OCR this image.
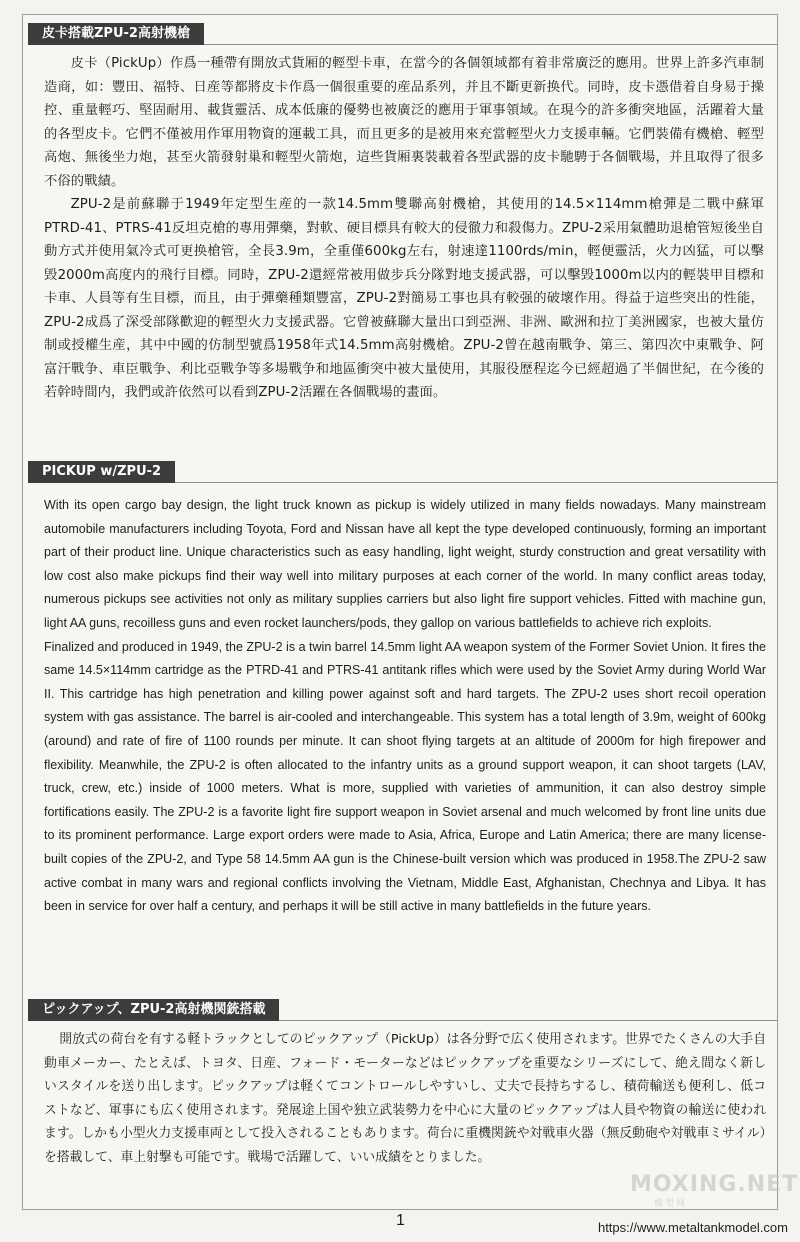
皮卡搭載ZPU-2高射機槍

皮卡（PickUp）作爲一種帶有開放式貨厢的輕型卡車，在當今的各個領域都有着非常廣泛的應用。世界上許多汽車制造商，如：豐田、福特、日産等都將皮卡作爲一個很重要的産品系列，并且不斷更新换代。同時，皮卡憑借着自身易于操控、重量輕巧、堅固耐用、載貨靈活、成本低廉的優勢也被廣泛的應用于軍事領域。在現今的許多衝突地區，活躍着大量的各型皮卡。它們不僅被用作軍用物資的運載工具，而且更多的是被用來充當輕型火力支援車輛。它們裝備有機槍、輕型高炮、無後坐力炮，甚至火箭發射巢和輕型火箭炮，這些貨厢裏裝載着各型武器的皮卡馳騁于各個戰場，并且取得了很多不俗的戰績。

ZPU-2是前蘇聯于1949年定型生産的一款14.5mm雙聯高射機槍，其使用的14.5×114mm槍彈是二戰中蘇軍PTRD-41、PTRS-41反坦克槍的專用彈藥，對軟、硬目標具有較大的侵徹力和殺傷力。ZPU-2采用氣體助退槍管短後坐自動方式并使用氣冷式可更换槍管，全長3.9m，全重僅600kg左右，射速達1100rds/min，輕便靈活，火力凶猛，可以擊毁2000m高度内的飛行目標。同時，ZPU-2還經常被用做步兵分隊對地支援武器，可以擊毁1000m以内的輕裝甲目標和卡車、人員等有生目標，而且，由于彈藥種類豐富，ZPU-2對簡易工事也具有較强的破壞作用。得益于這些突出的性能，ZPU-2成爲了深受部隊歡迎的輕型火力支援武器。它曾被蘇聯大量出口到亞洲、非洲、歐洲和拉丁美洲國家，也被大量仿制或授權生産，其中中國的仿制型號爲1958年式14.5mm高射機槍。ZPU-2曾在越南戰争、第三、第四次中東戰争、阿富汗戰争、車臣戰争、利比亞戰争等多場戰争和地區衝突中被大量使用，其服役歷程迄今已經超過了半個世紀，在今後的若幹時間内，我們或許依然可以看到ZPU-2活躍在各個戰場的畫面。

PICKUP w/ZPU-2

With its open cargo bay design, the light truck known as pickup is widely utilized in many fields nowadays. Many mainstream automobile manufacturers including Toyota, Ford and Nissan have all kept the type developed continuously, forming an important part of their product line. Unique characteristics such as easy handling, light weight, sturdy construction and great versatility with low cost also make pickups find their way well into military purposes at each corner of the world. In many conflict areas today, numerous pickups see activities not only as military supplies carriers but also light fire support vehicles. Fitted with machine gun, light AA guns, recoilless guns and even rocket launchers/pods, they gallop on various battlefields to achieve rich exploits.

Finalized and produced in 1949, the ZPU-2 is a twin barrel 14.5mm light AA weapon system of the Former Soviet Union. It fires the same 14.5×114mm cartridge as the PTRD-41 and PTRS-41 antitank rifles which were used by the Soviet Army during World War II. This cartridge has high penetration and killing power against soft and hard targets. The ZPU-2 uses short recoil operation system with gas assistance. The barrel is air-cooled and interchangeable. This system has a total length of 3.9m, weight of 600kg (around) and rate of fire of 1100 rounds per minute. It can shoot flying targets at an altitude of 2000m for high firepower and flexibility. Meanwhile, the ZPU-2 is often allocated to the infantry units as a ground support weapon, it can shoot targets (LAV, truck, crew, etc.) inside of 1000 meters. What is more, supplied with varieties of ammunition, it can also destroy simple fortifications easily. The ZPU-2 is a favorite light fire support weapon in Soviet arsenal and much welcomed by front line units due to its prominent performance. Large export orders were made to Asia, Africa, Europe and Latin America; there are many license-built copies of the ZPU-2, and Type 58 14.5mm AA gun is the Chinese-built version which was produced in 1958.The ZPU-2 saw active combat in many wars and regional conflicts involving the Vietnam, Middle East, Afghanistan, Chechnya and Libya. It has been in service for over half a century, and perhaps it will be still active in many battlefields in the future years.

ピックアップ、ZPU-2高射機関銃搭載

開放式の荷台を有する軽トラックとしてのピックアップ（PickUp）は各分野で広く使用されます。世界でたくさんの大手自動車メーカー、たとえば、トヨタ、日産、フォード・モーターなどはピックアップを重要なシリーズにして、絶え間なく新しいスタイルを送り出します。ピックアップは軽くてコントロールしやすいし、丈夫で長持ちするし、積荷輸送も便利し、低コストなど、軍事にも広く使用されます。発展途上国や独立武装勢力を中心に大量のピックアップは人員や物資の輸送に使われます。しかも小型火力支援車両として投入されることもあります。荷台に重機関銃や対戦車火器（無反動砲や対戦車ミサイル）を搭載して、車上射撃も可能です。戦場で活躍して、いい成績をとりました。

MOXING.NET
模型网
1	https://www.metaltankmodel.com
